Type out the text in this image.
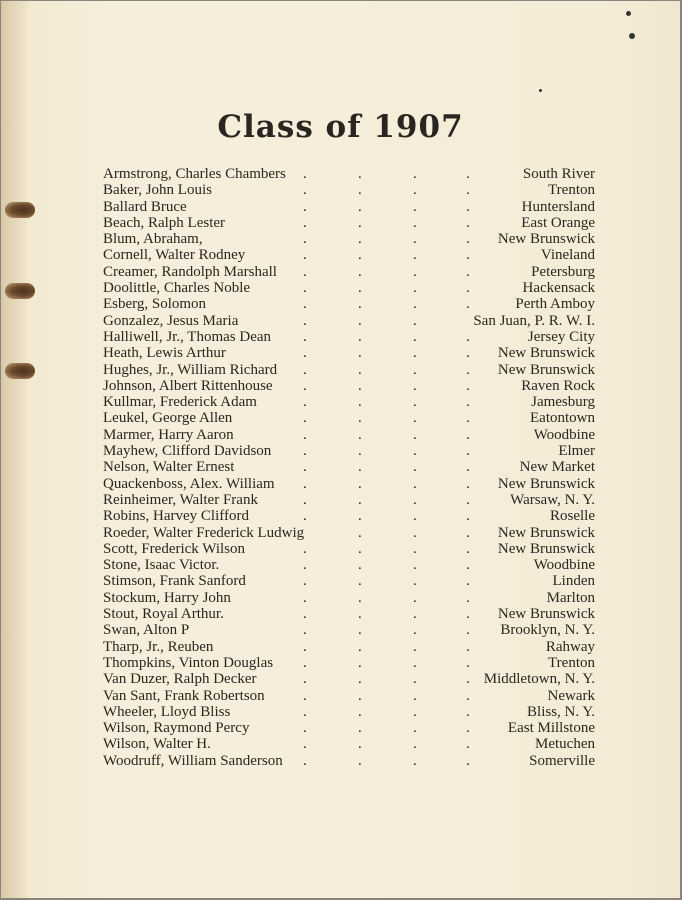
Class of 1907
.	.	.	.
Armstrong, Charles Chambers	South River
.	.	.	.
Baker, John Louis	Trenton
.	.	.	.
Ballard Bruce	Huntersland
.	.	.	.
Beach, Ralph Lester	East Orange
.	.	.	.
Blum, Abraham,	New Brunswick
.	.	.	.
Cornell, Walter Rodney	Vineland
.	.	.	.
Creamer, Randolph Marshall	Petersburg
.	.	.	.
Doolittle, Charles Noble	Hackensack
.	.	.	.
Esberg, Solomon	Perth Amboy
.	.	.
Gonzalez, Jesus Maria	San Juan, P. R. W. I.
.	.	.	.
Halliwell, Jr., Thomas Dean	Jersey City
.	.	.	.
Heath, Lewis Arthur	New Brunswick
.	.	.	.
Hughes, Jr., William Richard	New Brunswick
.	.	.	.
Johnson, Albert Rittenhouse	Raven Rock
.	.	.	.
Kullmar, Frederick Adam	Jamesburg
.	.	.	.
Leukel, George Allen	Eatontown
.	.	.	.
Marmer, Harry Aaron	Woodbine
.	.	.	.
Mayhew, Clifford Davidson	Elmer
.	.	.	.
Nelson, Walter Ernest	New Market
.	.	.	.
Quackenboss, Alex. William	New Brunswick
.	.	.	.
Reinheimer, Walter Frank	Warsaw, N. Y.
.	.	.	.
Robins, Harvey Clifford	Roselle
.	.	.
Roeder, Walter Frederick Ludwig	New Brunswick
.	.	.	.
Scott, Frederick Wilson	New Brunswick
.	.	.	.
Stone, Isaac Victor.	Woodbine
.	.	.	.
Stimson, Frank Sanford	Linden
.	.	.	.
Stockum, Harry John	Marlton
.	.	.	.
Stout, Royal Arthur.	New Brunswick
.	.	.	.
Swan, Alton P	Brooklyn, N. Y.
.	.	.	.
Tharp, Jr., Reuben	Rahway
.	.	.	.
Thompkins, Vinton Douglas	Trenton
.	.	.	.
Van Duzer, Ralph Decker	Middletown, N. Y.
.	.	.	.
Van Sant, Frank Robertson	Newark
.	.	.	.
Wheeler, Lloyd Bliss	Bliss, N. Y.
.	.	.	.
Wilson, Raymond Percy	East Millstone
.	.	.	.
Wilson, Walter H.	Metuchen
.	.	.	.
Woodruff, William Sanderson	Somerville
